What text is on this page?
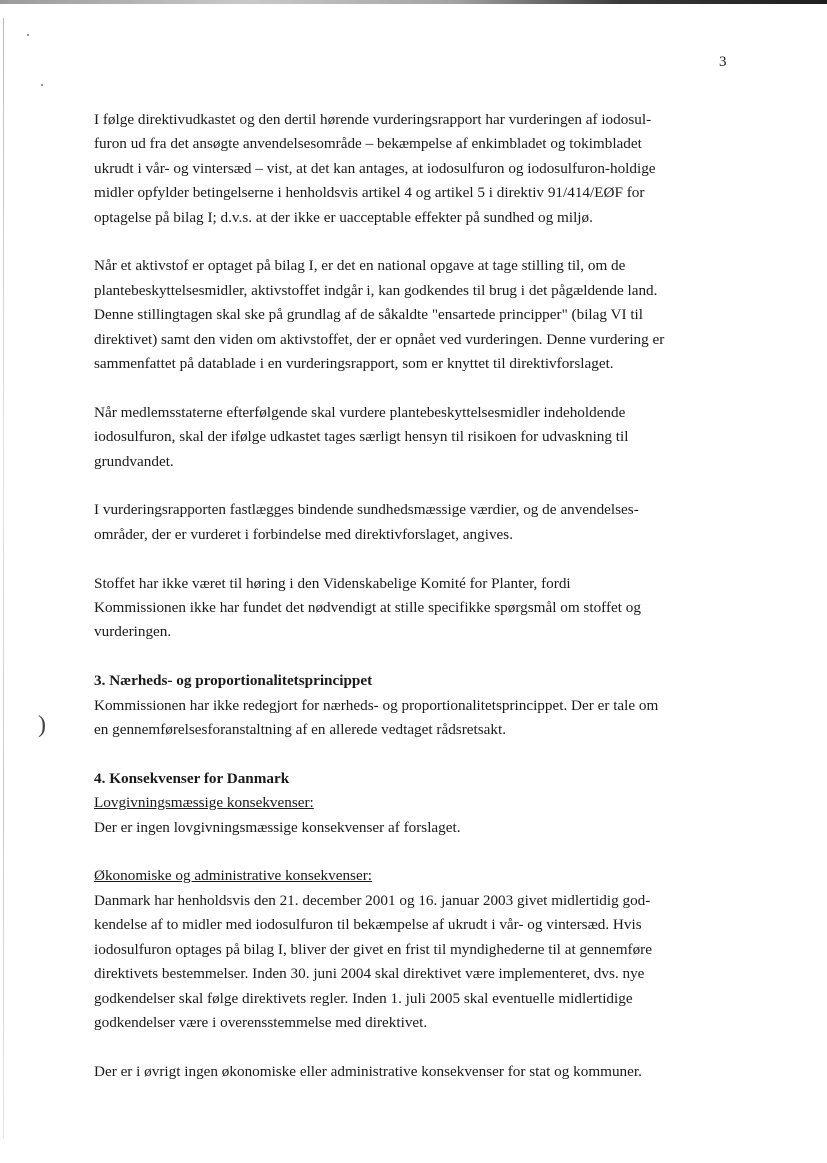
)
3

I følge direktivudkastet og den dertil hørende vurderingsrapport har vurderingen af iodosul-
furon ud fra det ansøgte anvendelsesområde – bekæmpelse af enkimbladet og tokimbladet
ukrudt i vår- og vintersæd – vist, at det kan antages, at iodosulfuron og iodosulfuron-holdige
midler opfylder betingelserne i henholdsvis artikel 4 og artikel 5 i direktiv 91/414/EØF for
optagelse på bilag I; d.v.s. at der ikke er uacceptable effekter på sundhed og miljø.

Når et aktivstof er optaget på bilag I, er det en national opgave at tage stilling til, om de
plantebeskyttelsesmidler, aktivstoffet indgår i, kan godkendes til brug i det pågældende land.
Denne stillingtagen skal ske på grundlag af de såkaldte "ensartede principper" (bilag VI til
direktivet) samt den viden om aktivstoffet, der er opnået ved vurderingen. Denne vurdering er
sammenfattet på datablade i en vurderingsrapport, som er knyttet til direktivforslaget.

Når medlemsstaterne efterfølgende skal vurdere plantebeskyttelsesmidler indeholdende
iodosulfuron, skal der ifølge udkastet tages særligt hensyn til risikoen for udvaskning til
grundvandet.

I vurderingsrapporten fastlægges bindende sundhedsmæssige værdier, og de anvendelses-
områder, der er vurderet i forbindelse med direktivforslaget, angives.

Stoffet har ikke været til høring i den Videnskabelige Komité for Planter, fordi
Kommissionen ikke har fundet det nødvendigt at stille specifikke spørgsmål om stoffet og
vurderingen.

3. Nærheds- og proportionalitetsprincippet
Kommissionen har ikke redegjort for nærheds- og proportionalitetsprincippet. Der er tale om
en gennemførelsesforanstaltning af en allerede vedtaget rådsretsakt.
4. Konsekvenser for Danmark
Lovgivningsmæssige konsekvenser:
Der er ingen lovgivningsmæssige konsekvenser af forslaget.
Økonomiske og administrative konsekvenser:
Danmark har henholdsvis den 21. december 2001 og 16. januar 2003 givet midlertidig god-
kendelse af to midler med iodosulfuron til bekæmpelse af ukrudt i vår- og vintersæd. Hvis
iodosulfuron optages på bilag I, bliver der givet en frist til myndighederne til at gennemføre
direktivets bestemmelser. Inden 30. juni 2004 skal direktivet være implementeret, dvs. nye
godkendelser skal følge direktivets regler. Inden 1. juli 2005 skal eventuelle midlertidige
godkendelser være i overensstemmelse med direktivet.

Der er i øvrigt ingen økonomiske eller administrative konsekvenser for stat og kommuner.
